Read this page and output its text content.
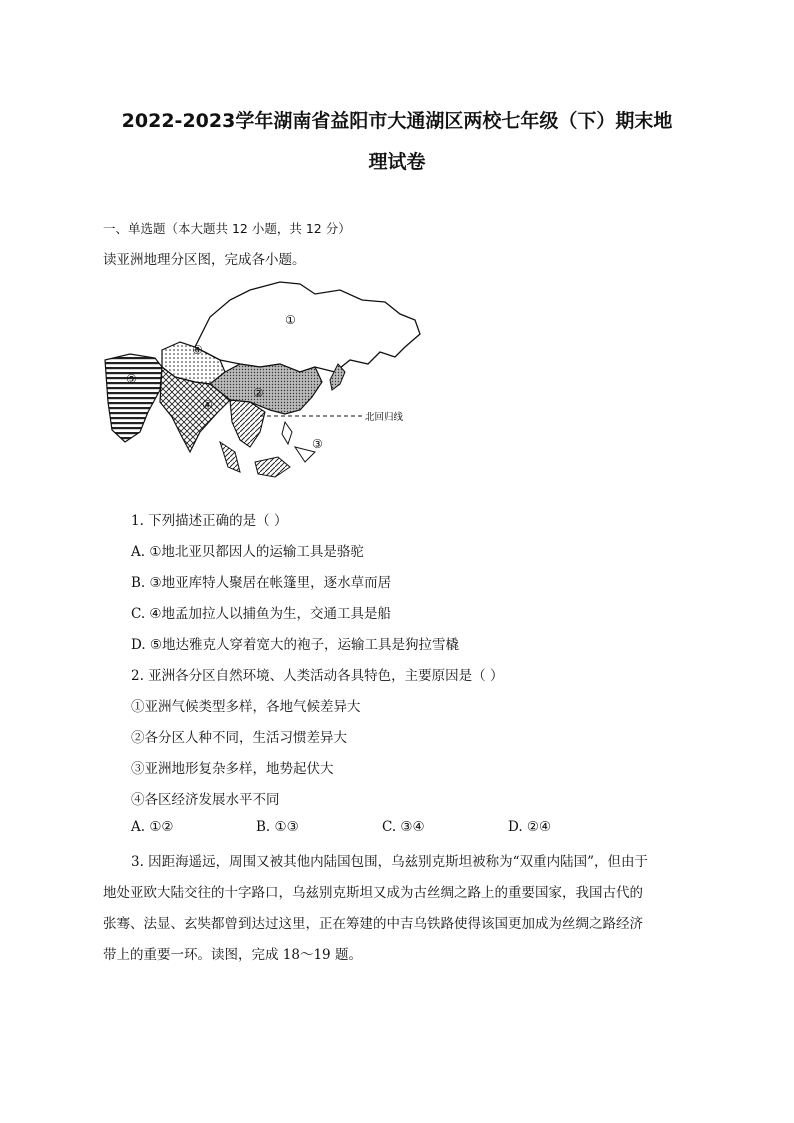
2022-2023学年湖南省益阳市大通湖区两校七年级（下）期末地
理试卷
一、单选题（本大题共 12 小题，共 12 分）
读亚洲地理分区图，完成各小题。
北回归线
①
②
③
④
⑤
⑥
1. 下列描述正确的是（ ）
A. ①地北亚贝都因人的运输工具是骆驼
B. ③地亚库特人聚居在帐篷里，逐水草而居
C. ④地孟加拉人以捕鱼为生，交通工具是船
D. ⑤地达雅克人穿着宽大的袍子，运输工具是狗拉雪橇
2. 亚洲各分区自然环境、人类活动各具特色，主要原因是（ ）
①亚洲气候类型多样，各地气候差异大
②各分区人种不同，生活习惯差异大
③亚洲地形复杂多样，地势起伏大
④各区经济发展水平不同
A. ①②	B. ①③	C. ③④	D. ②④
3. 因距海遥远，周围又被其他内陆国包围，乌兹别克斯坦被称为“双重内陆国”，但由于
地处亚欧大陆交往的十字路口，乌兹别克斯坦又成为古丝绸之路上的重要国家，我国古代的
张骞、法显、玄奘都曾到达过这里，正在筹建的中吉乌铁路使得该国更加成为丝绸之路经济
带上的重要一环。读图，完成 18～19 题。
